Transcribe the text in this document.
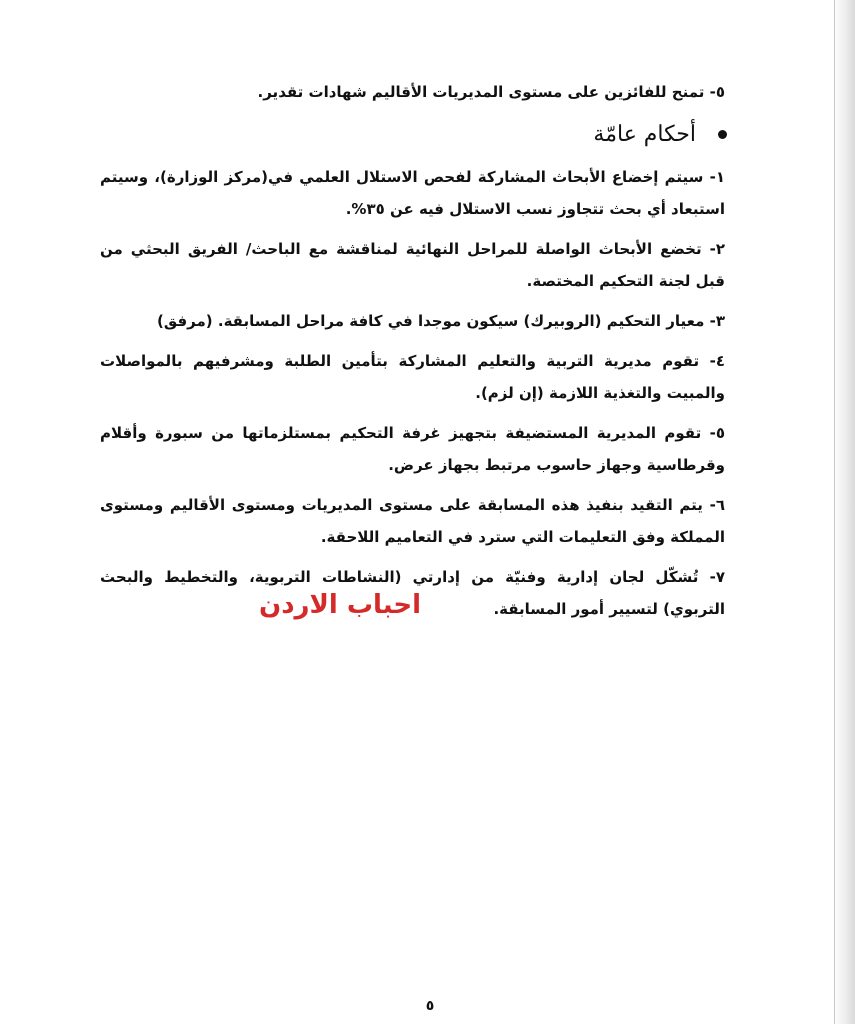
٥- تمنح للفائزين على مستوى المديريات الأقاليم شهادات تقدير.

أحكام عامّة

١- سيتم إخضاع الأبحاث المشاركة لفحص الاستلال العلمي في(مركز الوزارة)، وسيتم استبعاد أي بحث تتجاوز نسب الاستلال فيه عن ٣٥%.

٢- تخضع الأبحاث الواصلة للمراحل النهائية لمناقشة مع الباحث/ الفريق البحثي من قبل لجنة التحكيم المختصة.

٣- معيار التحكيم (الروبيرك) سيكون موجدا في كافة مراحل المسابقة. (مرفق)

٤- تقوم مديرية التربية والتعليم المشاركة بتأمين الطلبة ومشرفيهم بالمواصلات والمبيت والتغذية اللازمة (إن لزم).

٥- تقوم المديرية المستضيفة بتجهيز غرفة التحكيم بمستلزماتها من سبورة وأقلام وقرطاسية وجهاز حاسوب مرتبط بجهاز عرض.

٦- يتم التقيد بنفيذ هذه المسابقة على مستوى المديريات ومستوى الأقاليم ومستوى المملكة وفق التعليمات التي سترد في التعاميم اللاحقة.

٧- تُشكّل لجان إدارية وفنيّة من إدارتي (النشاطات التربوية، والتخطيط والبحث التربوي) لتسيير أمور المسابقة.

احباب الاردن
٥
